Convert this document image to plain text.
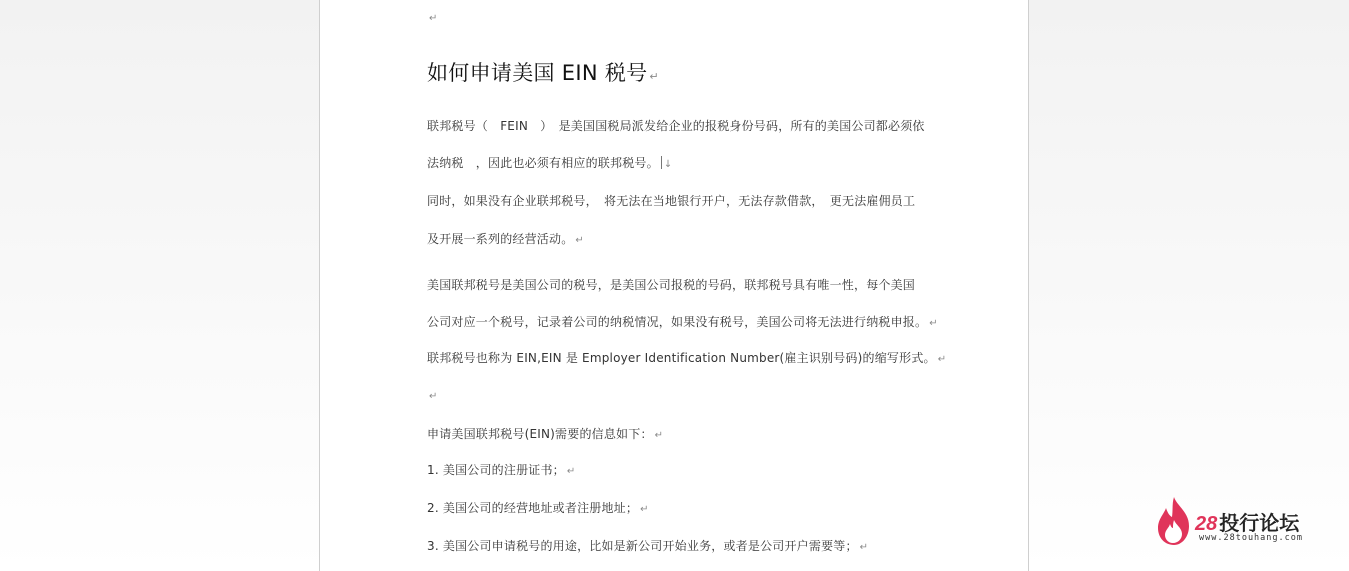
↵
如何申请美国 EIN 税号 ↵
联邦税号（　FEIN　）　是美国国税局派发给企业的报税身份号码，所有的美国公司都必须依
法纳税　，因此也必须有相应的联邦税号。 ↓
同时，如果没有企业联邦税号，　将无法在当地银行开户，无法存款借款，　更无法雇佣员工
及开展一系列的经营活动。 ↵
美国联邦税号是美国公司的税号，是美国公司报税的号码，联邦税号具有唯一性，每个美国
公司对应一个税号，记录着公司的纳税情况，如果没有税号，美国公司将无法进行纳税申报。 ↵
联邦税号也称为 EIN,EIN 是 Employer Identification Number(雇主识别号码)的缩写形式。 ↵
↵
申请美国联邦税号(EIN)需要的信息如下： ↵
1. 美国公司的注册证书； ↵
2. 美国公司的经营地址或者注册地址； ↵
3. 美国公司申请税号的用途，比如是新公司开始业务，或者是公司开户需要等； ↵
28 投行论坛
www.28touhang.com
